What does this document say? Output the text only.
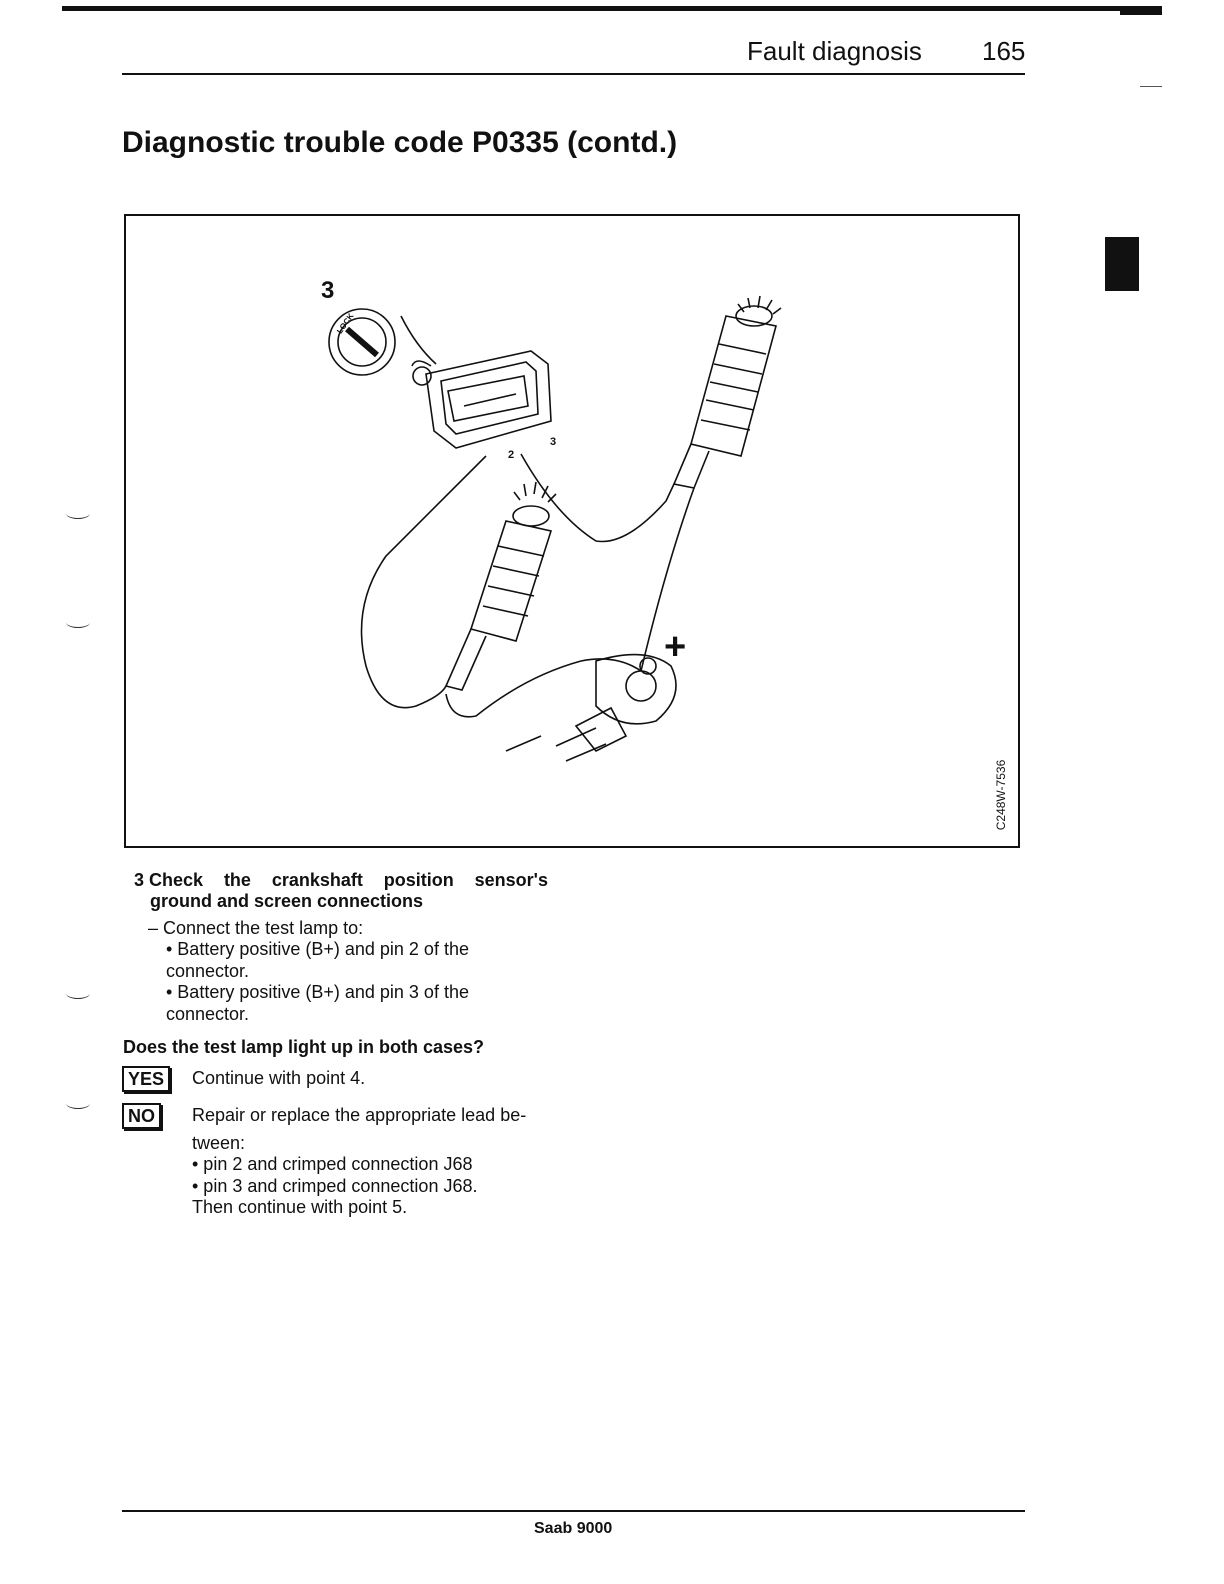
Fault diagnosis 165
Diagnostic trouble code P0335 (contd.)
3
2
3
+
LOCK
C248W-7536
3 Check the crankshaft position sensor's
ground and screen connections
– Connect the test lamp to:
• Battery positive (B+) and pin 2 of the
connector.
• Battery positive (B+) and pin 3 of the
connector.
Does the test lamp light up in both cases?
YES	Continue with point 4.
NO	Repair or replace the appropriate lead be-
tween:
• pin 2 and crimped connection J68
• pin 3 and crimped connection J68.
Then continue with point 5.
Saab 9000
